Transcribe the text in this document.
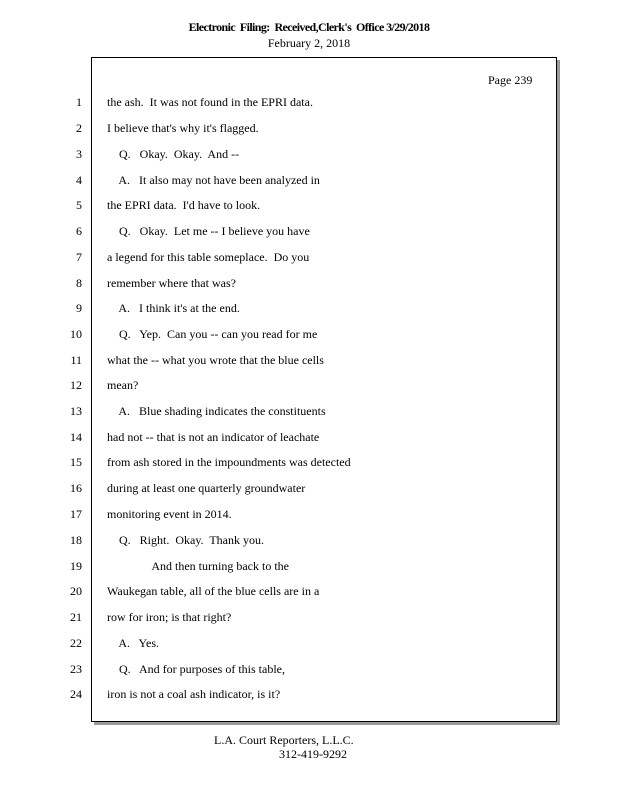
Electronic  Filing:  Received,Clerk's  Office 3/29/2018
February 2, 2018
Page 239
1 the ash.  It was not found in the EPRI data.
2 I believe that's why it's flagged.
3 Q.   Okay.  Okay.  And --
4 A.   It also may not have been analyzed in
5 the EPRI data.  I'd have to look.
6 Q.   Okay.  Let me -- I believe you have
7 a legend for this table someplace.  Do you
8 remember where that was?
9 A.   I think it's at the end.
10 Q.   Yep.  Can you -- can you read for me
11 what the -- what you wrote that the blue cells
12 mean?
13 A.   Blue shading indicates the constituents
14 had not -- that is not an indicator of leachate
15 from ash stored in the impoundments was detected
16 during at least one quarterly groundwater
17 monitoring event in 2014.
18 Q.   Right.  Okay.  Thank you.
19 And then turning back to the
20 Waukegan table, all of the blue cells are in a
21 row for iron; is that right?
22 A.   Yes.
23 Q.   And for purposes of this table,
24 iron is not a coal ash indicator, is it?
L.A. Court Reporters, L.L.C.
312-419-9292
